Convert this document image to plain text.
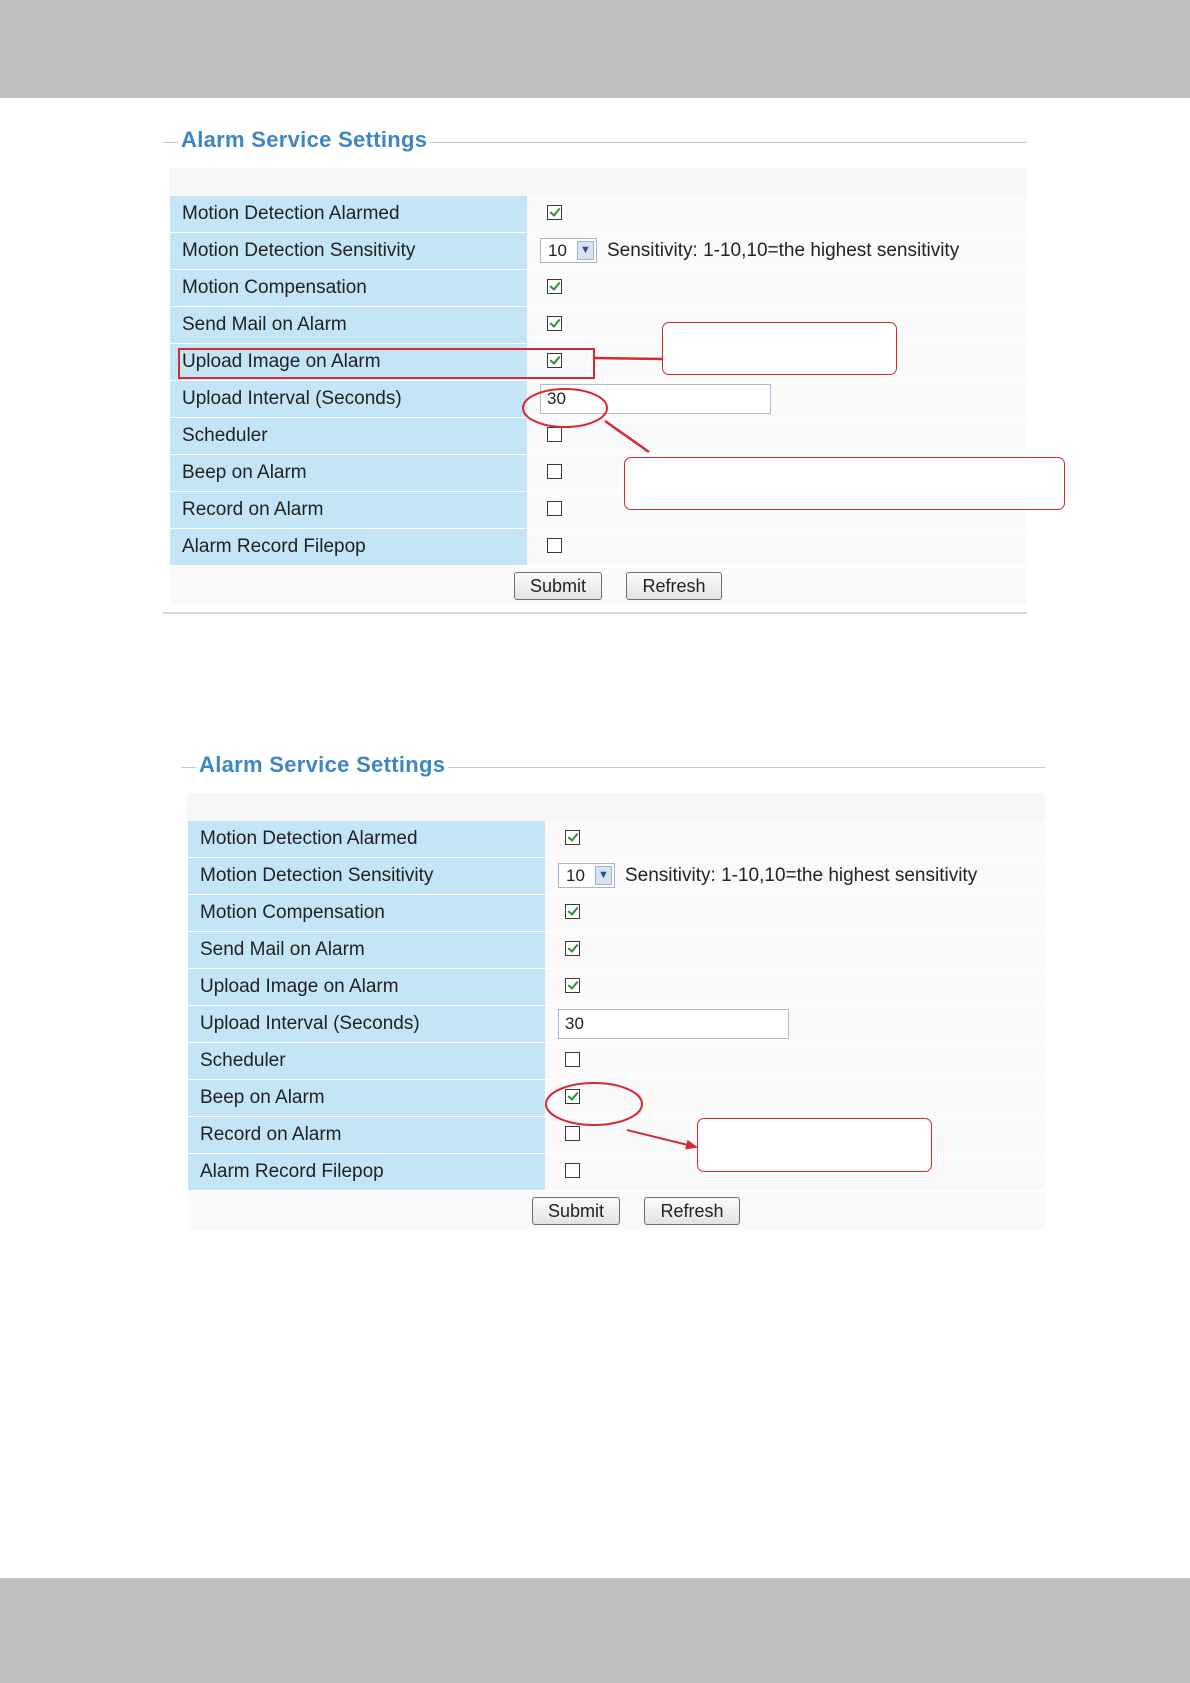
Alarm Service Settings
Motion Detection Alarmed
Motion Detection Sensitivity	10 ▼ Sensitivity: 1-10,10=the highest sensitivity
Motion Compensation
Send Mail on Alarm
Upload Image on Alarm
Upload Interval (Seconds)	30
Scheduler
Beep on Alarm
Record on Alarm
Alarm Record Filepop
Submit	Refresh
Alarm Service Settings
Motion Detection Alarmed
Motion Detection Sensitivity	10 ▼ Sensitivity: 1-10,10=the highest sensitivity
Motion Compensation
Send Mail on Alarm
Upload Image on Alarm
Upload Interval (Seconds)	30
Scheduler
Beep on Alarm
Record on Alarm
Alarm Record Filepop
Submit	Refresh
